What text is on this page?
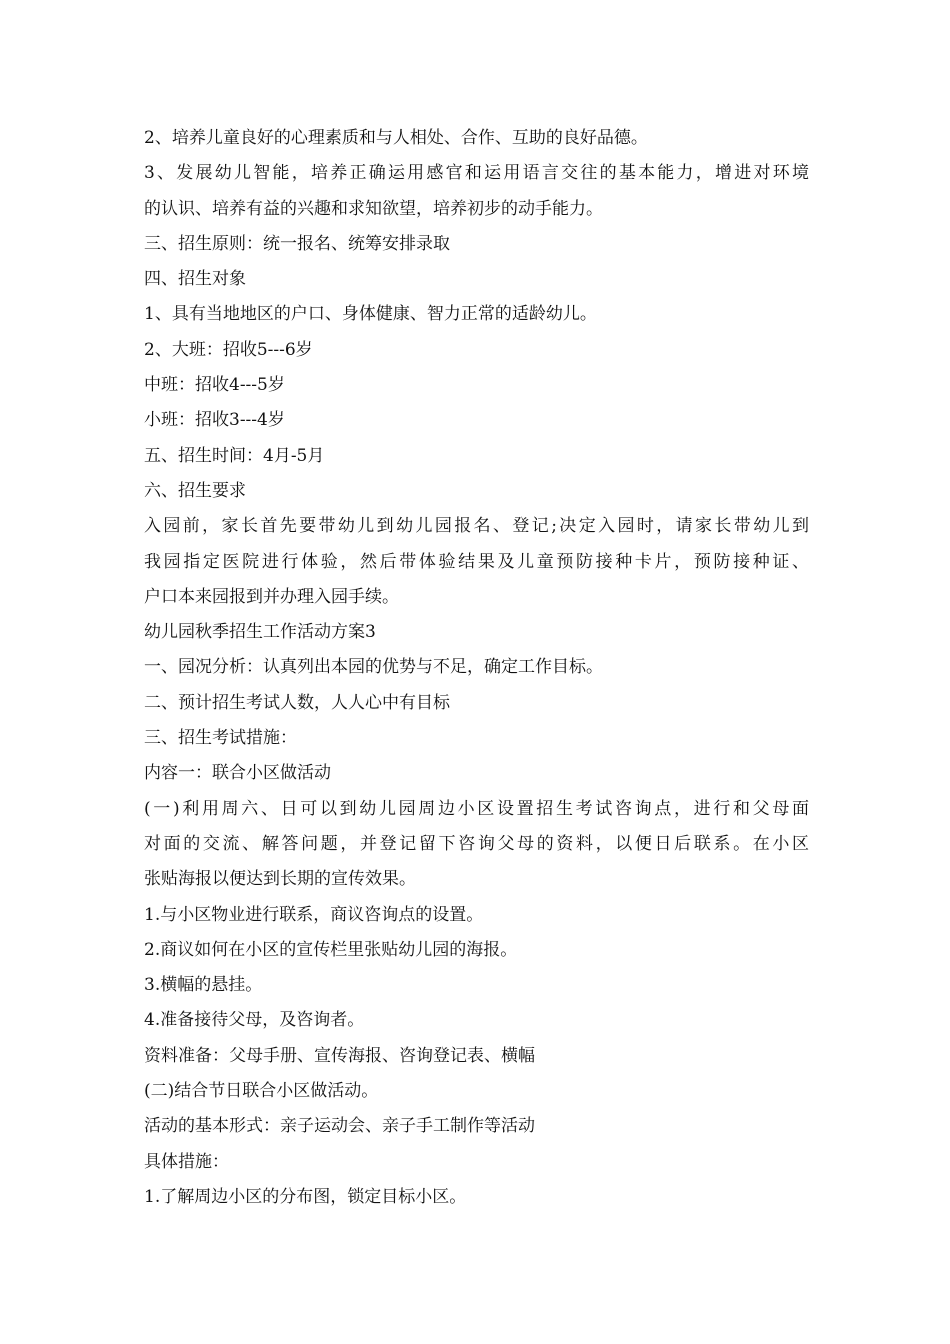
2、培养儿童良好的心理素质和与人相处、合作、互助的良好品德。

3、发展幼儿智能，培养正确运用感官和运用语言交往的基本能力，增进对环境

的认识、培养有益的兴趣和求知欲望，培养初步的动手能力。

三、招生原则：统一报名、统筹安排录取

四、招生对象

1、具有当地地区的户口、身体健康、智力正常的适龄幼儿。

2、大班：招收5---6岁

中班：招收4---5岁

小班：招收3---4岁

五、招生时间：4月-5月

六、招生要求

入园前，家长首先要带幼儿到幼儿园报名、登记;决定入园时，请家长带幼儿到

我园指定医院进行体验，然后带体验结果及儿童预防接种卡片，预防接种证、

户口本来园报到并办理入园手续。

幼儿园秋季招生工作活动方案3

一、园况分析：认真列出本园的优势与不足，确定工作目标。

二、预计招生考试人数，人人心中有目标

三、招生考试措施：

内容一：联合小区做活动

(一)利用周六、日可以到幼儿园周边小区设置招生考试咨询点，进行和父母面

对面的交流、解答问题，并登记留下咨询父母的资料，以便日后联系。在小区

张贴海报以便达到长期的宣传效果。

1.与小区物业进行联系，商议咨询点的设置。

2.商议如何在小区的宣传栏里张贴幼儿园的海报。

3.横幅的悬挂。

4.准备接待父母，及咨询者。

资料准备：父母手册、宣传海报、咨询登记表、横幅

(二)结合节日联合小区做活动。

活动的基本形式：亲子运动会、亲子手工制作等活动

具体措施：

1.了解周边小区的分布图，锁定目标小区。
